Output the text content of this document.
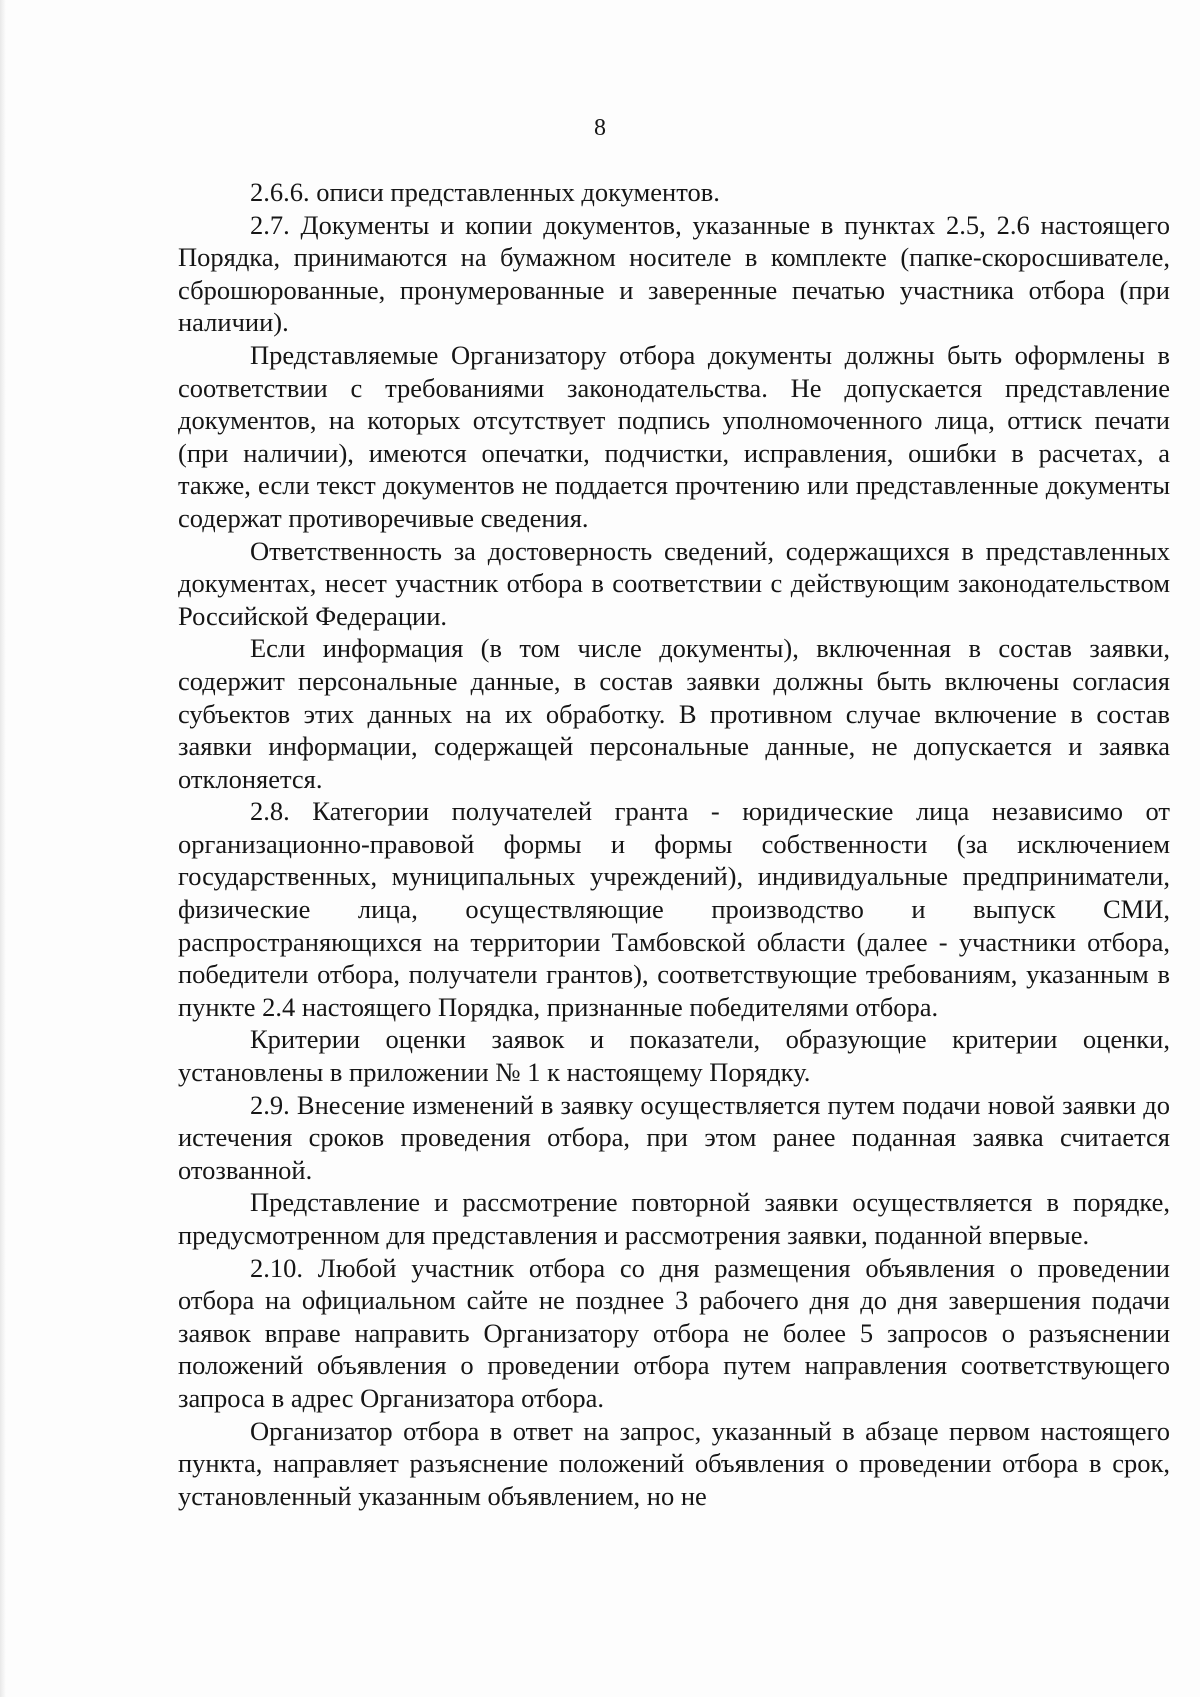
8

2.6.6. описи представленных документов.

2.7. Документы и копии документов, указанные в пунктах 2.5, 2.6 настоящего Порядка, принимаются на бумажном носителе в комплекте (папке-скоросшивателе, сброшюрованные, пронумерованные и заверенные печатью участника отбора (при наличии).

Представляемые Организатору отбора документы должны быть оформлены в соответствии с требованиями законодательства. Не допускается представление документов, на которых отсутствует подпись уполномоченного лица, оттиск печати (при наличии), имеются опечатки, подчистки, исправления, ошибки в расчетах, а также, если текст документов не поддается прочтению или представленные документы содержат противоречивые сведения.

Ответственность за достоверность сведений, содержащихся в представленных документах, несет участник отбора в соответствии с действующим законодательством Российской Федерации.

Если информация (в том числе документы), включенная в состав заявки, содержит персональные данные, в состав заявки должны быть включены согласия субъектов этих данных на их обработку. В противном случае включение в состав заявки информации, содержащей персональные данные, не допускается и заявка отклоняется.

2.8. Категории получателей гранта - юридические лица независимо от организационно-правовой формы и формы собственности (за исключением государственных, муниципальных учреждений), индивидуальные предприниматели, физические лица, осуществляющие производство и выпуск СМИ, распространяющихся на территории Тамбовской области (далее - участники отбора, победители отбора, получатели грантов), соответствующие требованиям, указанным в пункте 2.4 настоящего Порядка, признанные победителями отбора.

Критерии оценки заявок и показатели, образующие критерии оценки, установлены в приложении № 1 к настоящему Порядку.

2.9. Внесение изменений в заявку осуществляется путем подачи новой заявки до истечения сроков проведения отбора, при этом ранее поданная заявка считается отозванной.

Представление и рассмотрение повторной заявки осуществляется в порядке, предусмотренном для представления и рассмотрения заявки, поданной впервые.

2.10. Любой участник отбора со дня размещения объявления о проведении отбора на официальном сайте не позднее 3 рабочего дня до дня завершения подачи заявок вправе направить Организатору отбора не более 5 запросов о разъяснении положений объявления о проведении отбора путем направления соответствующего запроса в адрес Организатора отбора.

Организатор отбора в ответ на запрос, указанный в абзаце первом настоящего пункта, направляет разъяснение положений объявления о проведении отбора в срок, установленный указанным объявлением, но не
